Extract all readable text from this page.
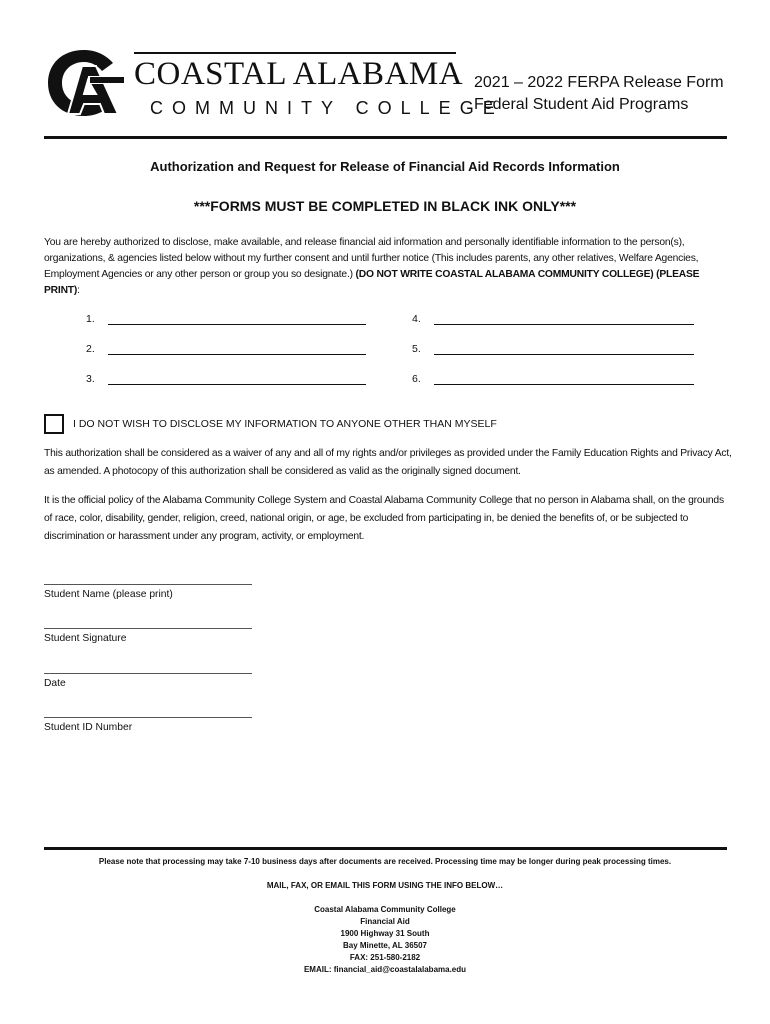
COASTAL ALABAMA
COMMUNITY COLLEGE
2021 – 2022 FERPA Release Form
Federal Student Aid Programs
Authorization and Request for Release of Financial Aid Records Information
***FORMS MUST BE COMPLETED IN BLACK INK ONLY***
You are hereby authorized to disclose, make available, and release financial aid information and personally identifiable information to the person(s), organizations, & agencies listed below without my further consent and until further notice (This includes parents, any other relatives, Welfare Agencies, Employment Agencies or any other person or group you so designate.) (DO NOT WRITE COASTAL ALABAMA COMMUNITY COLLEGE) (PLEASE PRINT):
1.
2.
3.
4.
5.
6.
I DO NOT WISH TO DISCLOSE MY INFORMATION TO ANYONE OTHER THAN MYSELF
This authorization shall be considered as a waiver of any and all of my rights and/or privileges as provided under the Family Education Rights and Privacy Act, as amended. A photocopy of this authorization shall be considered as valid as the originally signed document.
It is the official policy of the Alabama Community College System and Coastal Alabama Community College that no person in Alabama shall, on the grounds of race, color, disability, gender, religion, creed, national origin, or age, be excluded from participating in, be denied the benefits of, or be subjected to discrimination or harassment under any program, activity, or employment.
Student Name (please print)
Student Signature
Date
Student ID Number
Please note that processing may take 7-10 business days after documents are received. Processing time may be longer during peak processing times.
MAIL, FAX, OR EMAIL THIS FORM USING THE INFO BELOW…
Coastal Alabama Community College
Financial Aid
1900 Highway 31 South
Bay Minette, AL 36507
FAX: 251-580-2182
EMAIL: financial_aid@coastalalabama.edu
